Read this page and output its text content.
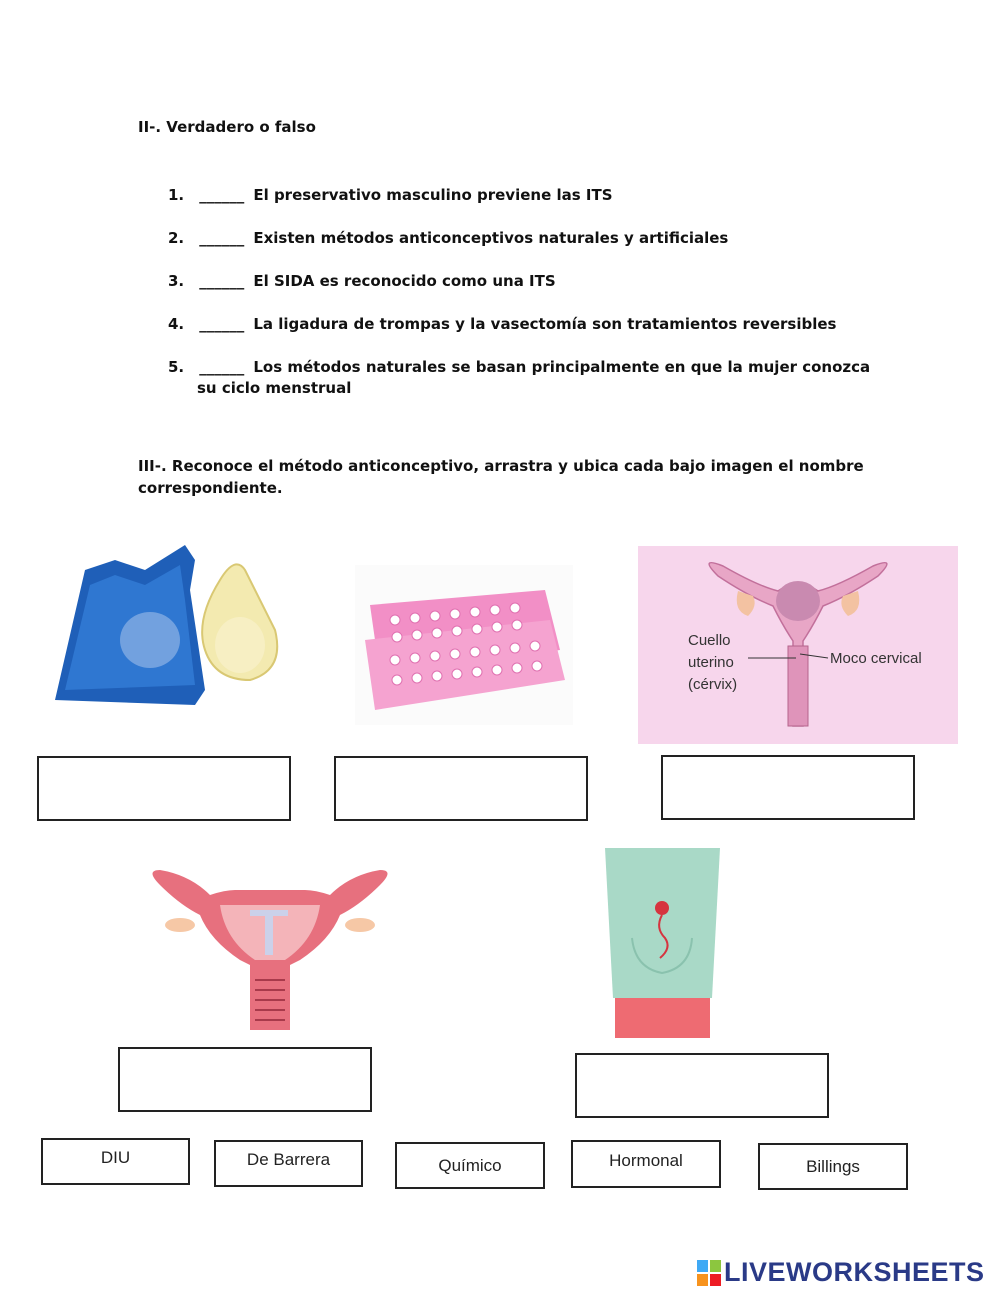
II-. Verdadero o falso
1. ______ El preservativo masculino previene las ITS
2. ______ Existen métodos anticonceptivos naturales y artificiales
3. ______ El SIDA es reconocido como una ITS
4. ______ La ligadura de trompas y la vasectomía son tratamientos reversibles
5. ______ Los métodos naturales se basan principalmente en que la mujer conozca
su ciclo menstrual
III-. Reconoce el método anticonceptivo, arrastra y ubica cada bajo imagen el nombre
correspondiente.
Cuello
uterino
(cérvix)
Moco cervical
DIU	De Barrera	Químico	Hormonal	Billings
LIVEWORKSHEETS
